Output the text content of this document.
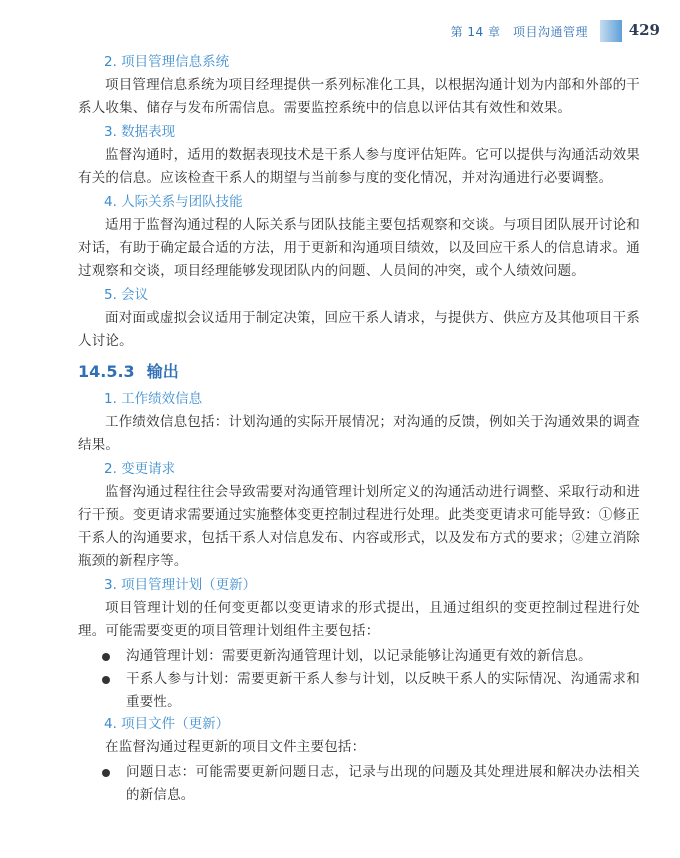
第 14 章　项目沟通管理	429
2. 项目管理信息系统

项目管理信息系统为项目经理提供一系列标准化工具，以根据沟通计划为内部和外部的干系人收集、储存与发布所需信息。需要监控系统中的信息以评估其有效性和效果。

3. 数据表现

监督沟通时，适用的数据表现技术是干系人参与度评估矩阵。它可以提供与沟通活动效果有关的信息。应该检查干系人的期望与当前参与度的变化情况，并对沟通进行必要调整。

4. 人际关系与团队技能

适用于监督沟通过程的人际关系与团队技能主要包括观察和交谈。与项目团队展开讨论和对话，有助于确定最合适的方法，用于更新和沟通项目绩效，以及回应干系人的信息请求。通过观察和交谈，项目经理能够发现团队内的问题、人员间的冲突，或个人绩效问题。

5. 会议

面对面或虚拟会议适用于制定决策，回应干系人请求，与提供方、供应方及其他项目干系人讨论。

14.5.3 输出
1. 工作绩效信息

工作绩效信息包括：计划沟通的实际开展情况；对沟通的反馈，例如关于沟通效果的调查结果。

2. 变更请求

监督沟通过程往往会导致需要对沟通管理计划所定义的沟通活动进行调整、采取行动和进行干预。变更请求需要通过实施整体变更控制过程进行处理。此类变更请求可能导致：①修正干系人的沟通要求，包括干系人对信息发布、内容或形式，以及发布方式的要求；②建立消除瓶颈的新程序等。

3. 项目管理计划（更新）

项目管理计划的任何变更都以变更请求的形式提出，且通过组织的变更控制过程进行处理。可能需要变更的项目管理计划组件主要包括：

沟通管理计划：需要更新沟通管理计划，以记录能够让沟通更有效的新信息。

干系人参与计划：需要更新干系人参与计划，以反映干系人的实际情况、沟通需求和重要性。

4. 项目文件（更新）

在监督沟通过程更新的项目文件主要包括：

问题日志：可能需要更新问题日志，记录与出现的问题及其处理进展和解决办法相关的新信息。
